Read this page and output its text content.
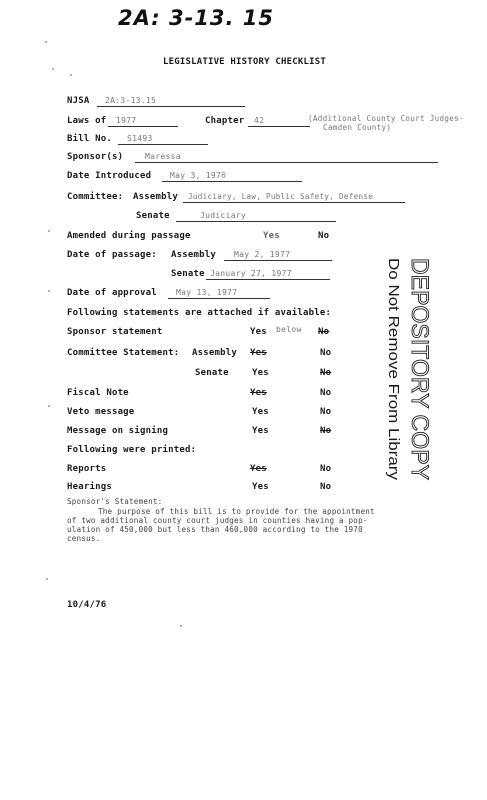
2A: 3-13. 15
LEGISLATIVE HISTORY CHECKLIST
NJSA 2A:3-13.15
Laws of 1977	Chapter 42	(Additional County Court Judges-
Camden County)
Bill No. S1493
Sponsor(s)	Maressa
Date Introduced May 3, 1976
Committee: Assembly Judiciary, Law, Public Safety, Defense
Senate	Judiciary
Amended during passage	Yes	No
Date of passage: Assembly May 2, 1977
Senate January 27, 1977
Date of approval May 13, 1977
Following statements are attached if available:
Sponsor statement	Yes below No
Committee Statement: Assembly Yes	No
Senate	Yes	No
Fiscal Note	Yes	No
Veto message	Yes	No
Message on signing	Yes	No
Following were printed:
Reports	Yes	No
Hearings	Yes	No
Sponsor's Statement:
The purpose of this bill is to provide for the appointment
of two additional county court judges in counties having a pop-
ulation of 450,000 but less than 460,000 according to the 1970
census.
10/4/76
DEPOSITORY COPY
Do Not Remove From Library
